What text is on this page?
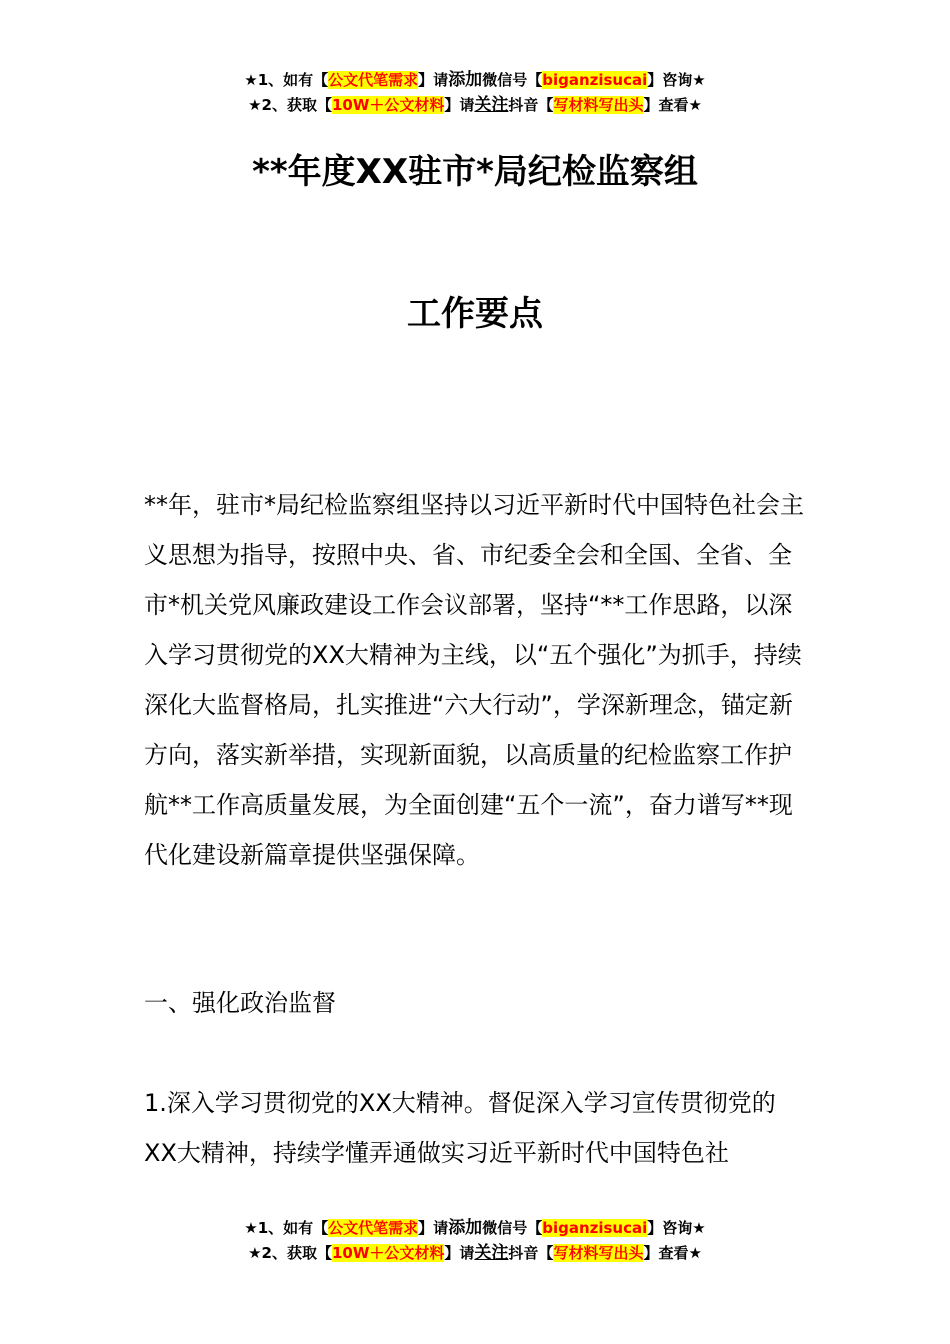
★1、如有【公文代笔需求】请添加微信号【biganzisucai】咨询★
★2、获取【10W＋公文材料】请关注抖音【写材料写出头】查看★
**年度XX驻市*局纪检监察组
工作要点

**年，驻市*局纪检监察组坚持以习近平新时代中国特色社会主义思想为指导，按照中央、省、市纪委全会和全国、全省、全市*机关党风廉政建设工作会议部署，坚持“**工作思路，以深入学习贯彻党的XX大精神为主线，以“五个强化”为抓手，持续深化大监督格局，扎实推进“六大行动”，学深新理念，锚定新方向，落实新举措，实现新面貌，以高质量的纪检监察工作护航**工作高质量发展，为全面创建“五个一流”，奋力谱写**现代化建设新篇章提供坚强保障。

一、强化政治监督

1.深入学习贯彻党的XX大精神。督促深入学习宣传贯彻党的XX大精神，持续学懂弄通做实习近平新时代中国特色社

★1、如有【公文代笔需求】请添加微信号【biganzisucai】咨询★
★2、获取【10W＋公文材料】请关注抖音【写材料写出头】查看★
